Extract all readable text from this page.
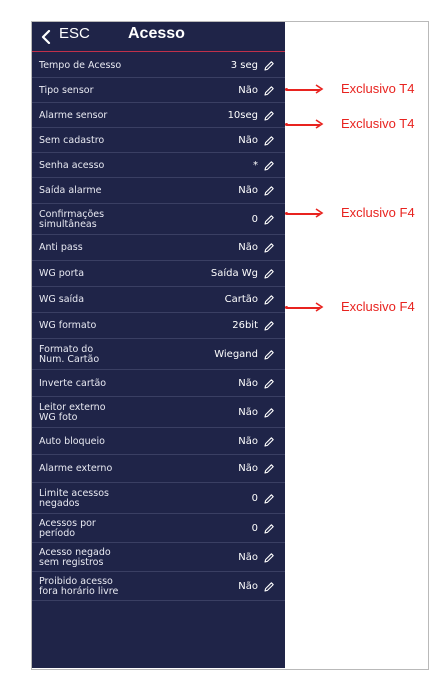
ESC Acesso
Tempo de Acesso	3 seg
Tipo sensor	Não
Alarme sensor	10seg
Sem cadastro	Não
Senha acesso	*
Saída alarme	Não
Confirmações
simultâneas	0
Anti pass	Não
WG porta	Saída Wg
WG saída	Cartão
WG formato	26bit
Formato do
Num. Cartão	Wiegand
Inverte cartão	Não
Leitor externo
WG foto	Não
Auto bloqueio	Não
Alarme externo	Não
Limite acessos
negados	0
Acessos por
período	0
Acesso negado
sem registros	Não
Proibido acesso
fora horário livre	Não
Exclusivo T4
Exclusivo T4
Exclusivo F4
Exclusivo F4
